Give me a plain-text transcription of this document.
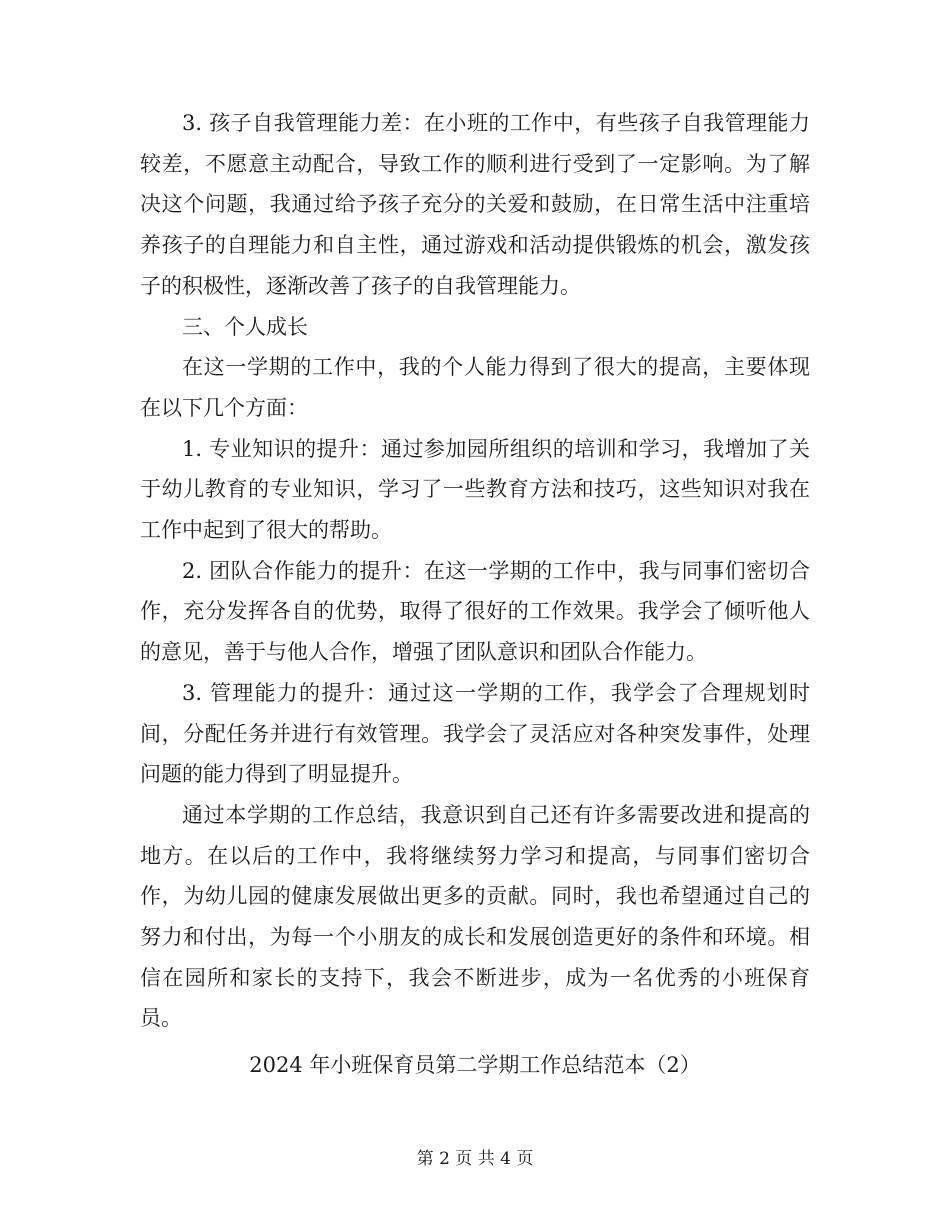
3. 孩子自我管理能力差：在小班的工作中，有些孩子自我管理能力较差，不愿意主动配合，导致工作的顺利进行受到了一定影响。为了解决这个问题，我通过给予孩子充分的关爱和鼓励，在日常生活中注重培养孩子的自理能力和自主性，通过游戏和活动提供锻炼的机会，激发孩子的积极性，逐渐改善了孩子的自我管理能力。

三、个人成长

在这一学期的工作中，我的个人能力得到了很大的提高，主要体现在以下几个方面：

1. 专业知识的提升：通过参加园所组织的培训和学习，我增加了关于幼儿教育的专业知识，学习了一些教育方法和技巧，这些知识对我在工作中起到了很大的帮助。

2. 团队合作能力的提升：在这一学期的工作中，我与同事们密切合作，充分发挥各自的优势，取得了很好的工作效果。我学会了倾听他人的意见，善于与他人合作，增强了团队意识和团队合作能力。

3. 管理能力的提升：通过这一学期的工作，我学会了合理规划时间，分配任务并进行有效管理。我学会了灵活应对各种突发事件，处理问题的能力得到了明显提升。

通过本学期的工作总结，我意识到自己还有许多需要改进和提高的地方。在以后的工作中，我将继续努力学习和提高，与同事们密切合作，为幼儿园的健康发展做出更多的贡献。同时，我也希望通过自己的努力和付出，为每一个小朋友的成长和发展创造更好的条件和环境。相信在园所和家长的支持下，我会不断进步，成为一名优秀的小班保育员。

2024 年小班保育员第二学期工作总结范本（2）

第 2 页 共 4 页
